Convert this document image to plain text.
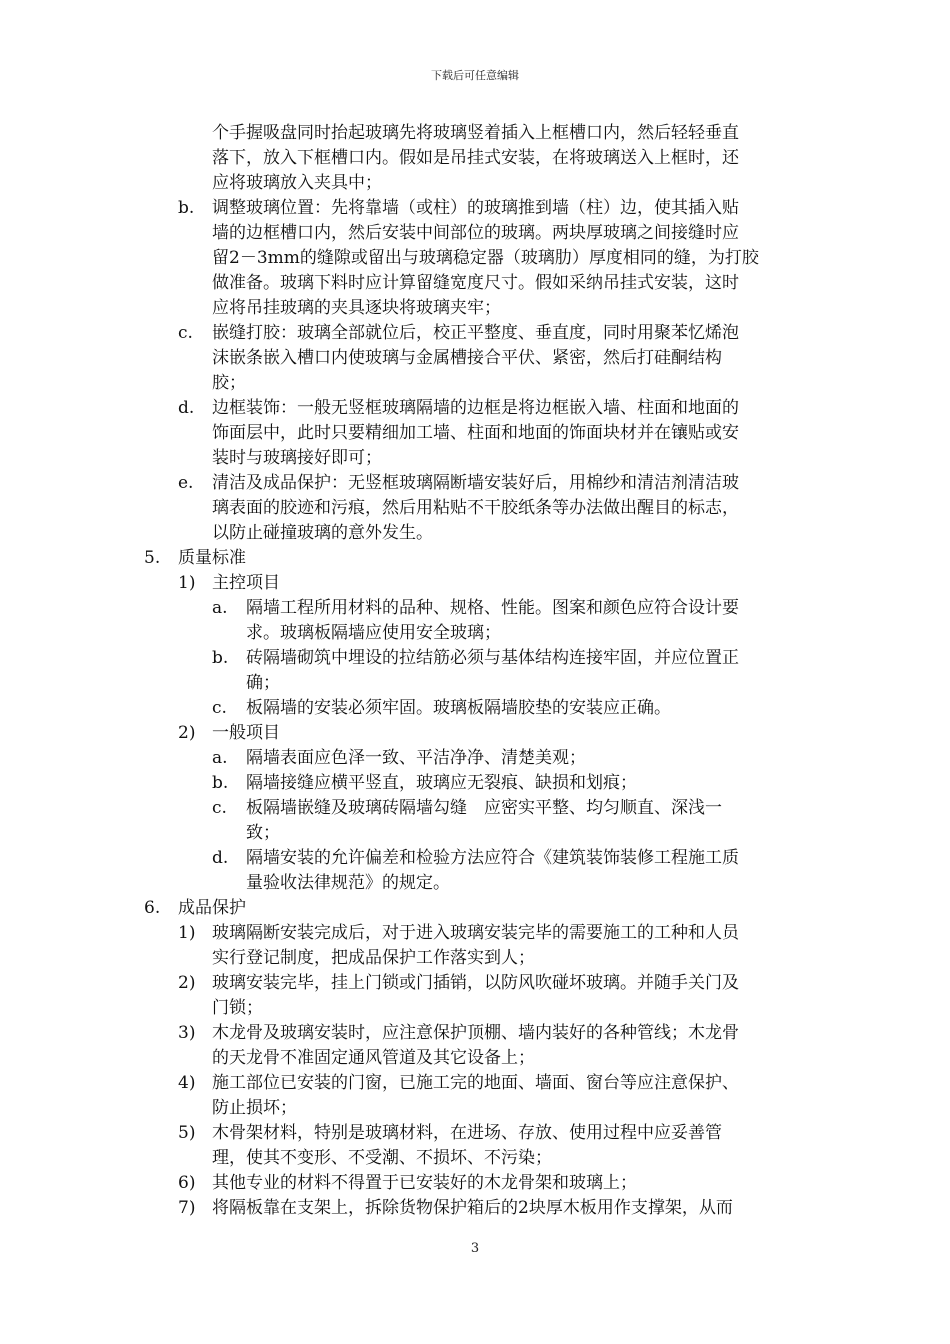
下载后可任意编辑
个手握吸盘同时抬起玻璃先将玻璃竖着插入上框槽口内，然后轻轻垂直
落下，放入下框槽口内。假如是吊挂式安装，在将玻璃送入上框时，还
应将玻璃放入夹具中；
b. 调整玻璃位置：先将靠墙（或柱）的玻璃推到墙（柱）边，使其插入贴
墙的边框槽口内，然后安装中间部位的玻璃。两块厚玻璃之间接缝时应
留2－3mm的缝隙或留出与玻璃稳定器（玻璃肋）厚度相同的缝，为打胶
做准备。玻璃下料时应计算留缝宽度尺寸。假如采纳吊挂式安装，这时
应将吊挂玻璃的夹具逐块将玻璃夹牢；
c. 嵌缝打胶：玻璃全部就位后，校正平整度、垂直度，同时用聚苯忆烯泡
沫嵌条嵌入槽口内使玻璃与金属槽接合平伏、紧密，然后打硅酮结构
胶；
d. 边框装饰：一般无竖框玻璃隔墙的边框是将边框嵌入墙、柱面和地面的
饰面层中，此时只要精细加工墙、柱面和地面的饰面块材并在镶贴或安
装时与玻璃接好即可；
e. 清洁及成品保护：无竖框玻璃隔断墙安装好后，用棉纱和清洁剂清洁玻
璃表面的胶迹和污痕，然后用粘贴不干胶纸条等办法做出醒目的标志，
以防止碰撞玻璃的意外发生。
5. 质量标准
1) 主控项目
a. 隔墙工程所用材料的品种、规格、性能。图案和颜色应符合设计要
求。玻璃板隔墙应使用安全玻璃；
b. 砖隔墙砌筑中埋设的拉结筋必须与基体结构连接牢固，并应位置正
确；
c. 板隔墙的安装必须牢固。玻璃板隔墙胶垫的安装应正确。
2) 一般项目
a. 隔墙表面应色泽一致、平洁净净、清楚美观；
b. 隔墙接缝应横平竖直，玻璃应无裂痕、缺损和划痕；
c. 板隔墙嵌缝及玻璃砖隔墙勾缝　应密实平整、均匀顺直、深浅一
致；
d. 隔墙安装的允许偏差和检验方法应符合《建筑装饰装修工程施工质
量验收法律规范》的规定。
6. 成品保护
1) 玻璃隔断安装完成后，对于进入玻璃安装完毕的需要施工的工种和人员
实行登记制度，把成品保护工作落实到人；
2) 玻璃安装完毕，挂上门锁或门插销，以防风吹碰坏玻璃。并随手关门及
门锁；
3) 木龙骨及玻璃安装时，应注意保护顶棚、墙内装好的各种管线；木龙骨
的天龙骨不准固定通风管道及其它设备上；
4) 施工部位已安装的门窗，已施工完的地面、墙面、窗台等应注意保护、
防止损坏；
5) 木骨架材料，特别是玻璃材料，在进场、存放、使用过程中应妥善管
理，使其不变形、不受潮、不损坏、不污染；
6) 其他专业的材料不得置于已安装好的木龙骨架和玻璃上；
7) 将隔板靠在支架上，拆除货物保护箱后的2块厚木板用作支撑架，从而
3
